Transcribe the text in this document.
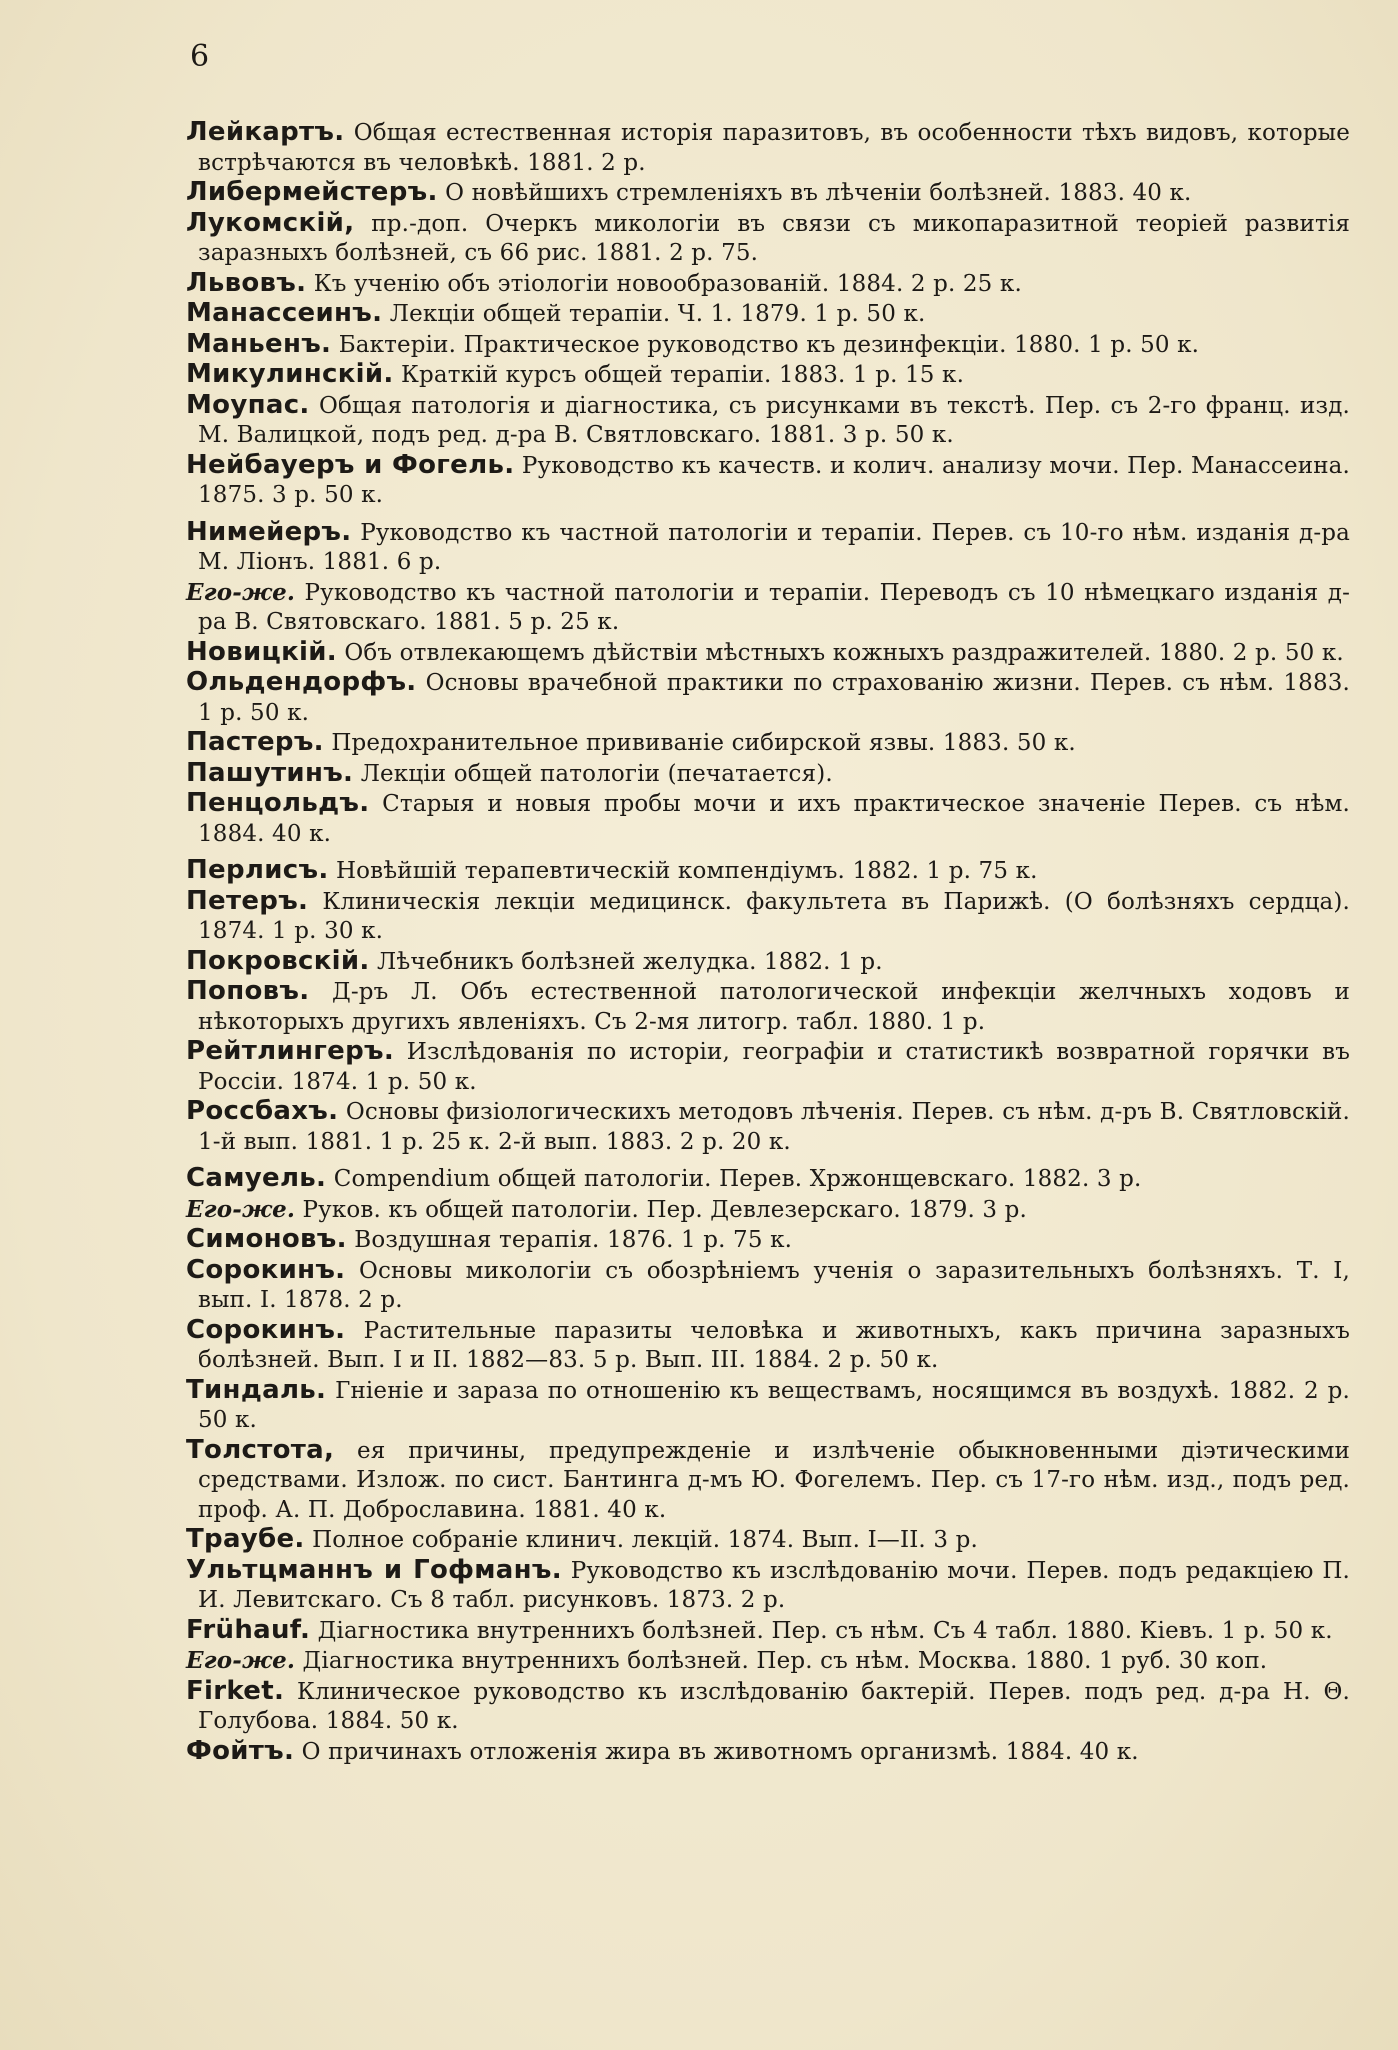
6
Лейкартъ. Общая естественная исторія паразитовъ, въ особенности тѣхъ видовъ, которые встрѣчаются въ человѣкѣ. 1881. 2 р.
Либермейстеръ. О новѣйшихъ стремленіяхъ въ лѣченіи болѣзней. 1883. 40 к.
Лукомскій, пр.-доп. Очеркъ микологіи въ связи съ микопаразитной теоріей развитія заразныхъ болѣзней, съ 66 рис. 1881. 2 р. 75.
Львовъ. Къ ученію объ этіологіи новообразованій. 1884. 2 р. 25 к.
Манассеинъ. Лекціи общей терапіи. Ч. 1. 1879. 1 р. 50 к.
Маньенъ. Бактеріи. Практическое руководство къ дезинфекціи. 1880. 1 р. 50 к.
Микулинскій. Краткій курсъ общей терапіи. 1883. 1 р. 15 к.
Моупас. Общая патологія и діагностика, съ рисунками въ текстѣ. Пер. съ 2-го франц. изд. М. Валицкой, подъ ред. д-ра В. Святловскаго. 1881. 3 р. 50 к.
Нейбауеръ и Фогель. Руководство къ качеств. и колич. анализу мочи. Пер. Манассеина. 1875. 3 р. 50 к.
Нимейеръ. Руководство къ частной патологіи и терапіи. Перев. съ 10-го нѣм. изданія д-ра М. Ліонъ. 1881. 6 р.
Его-же. Руководство къ частной патологіи и терапіи. Переводъ съ 10 нѣмецкаго изданія д-ра В. Святовскаго. 1881. 5 р. 25 к.
Новицкій. Объ отвлекающемъ дѣйствіи мѣстныхъ кожныхъ раздражителей. 1880. 2 р. 50 к.
Ольдендорфъ. Основы врачебной практики по страхованію жизни. Перев. съ нѣм. 1883. 1 р. 50 к.
Пастеръ. Предохранительное прививаніе сибирской язвы. 1883. 50 к.
Пашутинъ. Лекціи общей патологіи (печатается).
Пенцольдъ. Старыя и новыя пробы мочи и ихъ практическое значеніе Перев. съ нѣм. 1884. 40 к.
Перлисъ. Новѣйшій терапевтическій компендіумъ. 1882. 1 р. 75 к.
Петеръ. Клиническія лекціи медицинск. факультета въ Парижѣ. (О болѣзняхъ сердца). 1874. 1 р. 30 к.
Покровскій. Лѣчебникъ болѣзней желудка. 1882. 1 р.
Поповъ. Д-ръ Л. Объ естественной патологической инфекціи желчныхъ ходовъ и нѣкоторыхъ другихъ явленіяхъ. Съ 2-мя литогр. табл. 1880. 1 р.
Рейтлингеръ. Изслѣдованія по исторіи, географіи и статистикѣ возвратной горячки въ Россіи. 1874. 1 р. 50 к.
Россбахъ. Основы физіологическихъ методовъ лѣченія. Перев. съ нѣм. д-ръ В. Святловскій. 1-й вып. 1881. 1 р. 25 к. 2-й вып. 1883. 2 р. 20 к.
Самуель. Compendium общей патологіи. Перев. Хржонщевскаго. 1882. 3 р.
Его-же. Руков. къ общей патологіи. Пер. Девлезерскаго. 1879. 3 р.
Симоновъ. Воздушная терапія. 1876. 1 р. 75 к.
Сорокинъ. Основы микологіи съ обозрѣніемъ ученія о заразительныхъ болѣзняхъ. Т. I, вып. I. 1878. 2 р.
Сорокинъ. Растительные паразиты человѣка и животныхъ, какъ причина заразныхъ болѣзней. Вып. I и II. 1882—83. 5 р. Вып. III. 1884. 2 р. 50 к.
Тиндаль. Гніеніе и зараза по отношенію къ веществамъ, носящимся въ воздухѣ. 1882. 2 р. 50 к.
Толстота, ея причины, предупрежденіе и излѣченіе обыкновенными діэтическими средствами. Излож. по сист. Бантинга д-мъ Ю. Фогелемъ. Пер. съ 17-го нѣм. изд., подъ ред. проф. А. П. Доброславина. 1881. 40 к.
Траубе. Полное собраніе клинич. лекцій. 1874. Вып. I—II. 3 р.
Ультцманнъ и Гофманъ. Руководство къ изслѣдованію мочи. Перев. подъ редакціею П. И. Левитскаго. Съ 8 табл. рисунковъ. 1873. 2 р.
Frühauf. Діагностика внутреннихъ болѣзней. Пер. съ нѣм. Съ 4 табл. 1880. Кіевъ. 1 р. 50 к.
Его-же. Діагностика внутреннихъ болѣзней. Пер. съ нѣм. Москва. 1880. 1 руб. 30 коп.
Firket. Клиническое руководство къ изслѣдованію бактерій. Перев. подъ ред. д-ра Н. Θ. Голубова. 1884. 50 к.
Фойтъ. О причинахъ отложенія жира въ животномъ организмѣ. 1884. 40 к.
